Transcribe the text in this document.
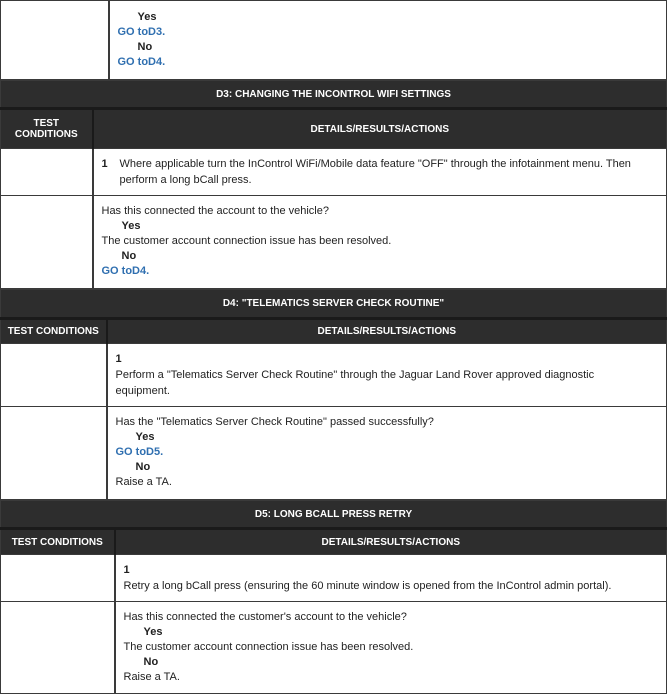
Yes
GO toD3.
No
GO toD4.
D3: CHANGING THE INCONTROL WIFI SETTINGS	
TEST CONDITIONS	DETAILS/RESULTS/ACTIONS

	1 Where applicable turn the InControl WiFi/Mobile data feature "OFF" through the infotainment menu. Then perform a long bCall press.

	Has this connected the account to the vehicle?
Yes
The customer account connection issue has been resolved.
No
GO toD4.
D4: "TELEMATICS SERVER CHECK ROUTINE"	
TEST CONDITIONS	DETAILS/RESULTS/ACTIONS

	1Perform a "Telematics Server Check Routine" through the Jaguar Land Rover approved diagnostic equipment.

	Has the "Telematics Server Check Routine" passed successfully?
Yes
GO toD5.
No
Raise a TA.
D5: LONG BCALL PRESS RETRY	
TEST CONDITIONS	DETAILS/RESULTS/ACTIONS

	1Retry a long bCall press (ensuring the 60 minute window is opened from the InControl admin portal).

	Has this connected the customer's account to the vehicle?
Yes
The customer account connection issue has been resolved.
No
Raise a TA.
